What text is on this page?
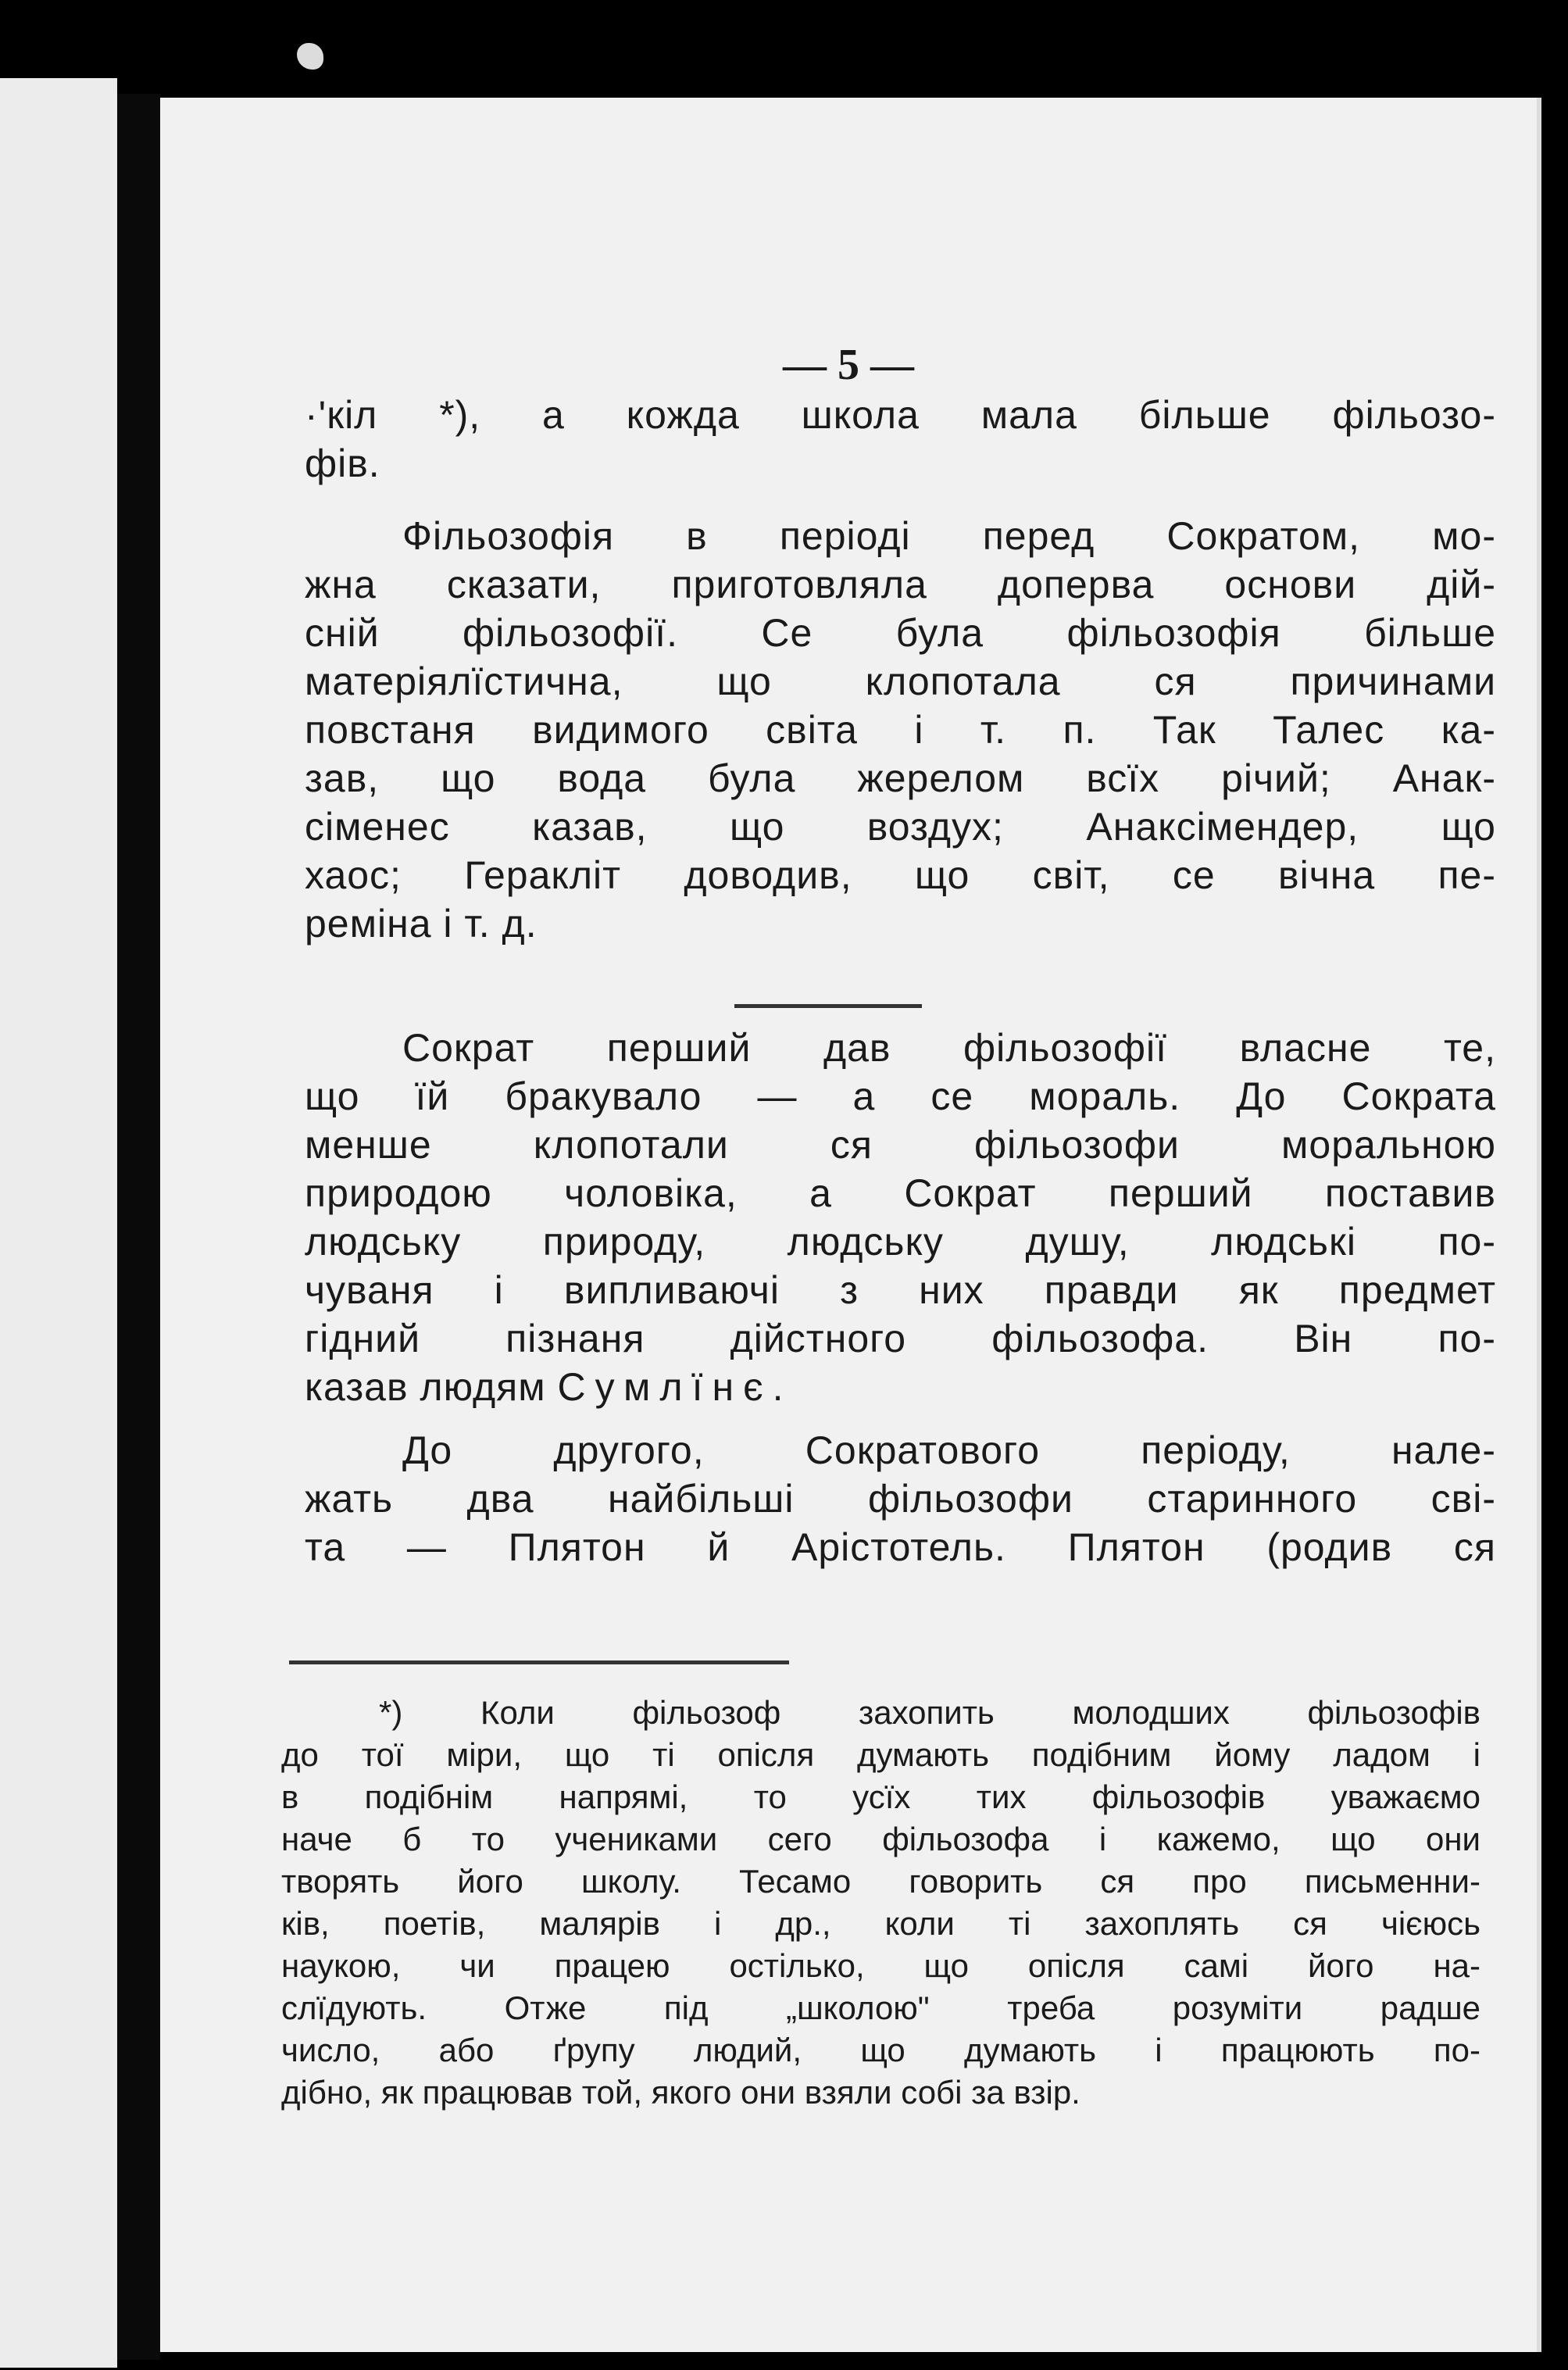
— 5 —

·'кіл *), а кожда школа мала більше фільозо-
фів.

Фільозофія в періоді перед Сократом, мо-
жна сказати, приготовляла доперва основи дій-
сній фільозофії. Се була фільозофія більше
матеріялїстична, що клопотала ся причинами
повстаня видимого світа і т. п. Так Талес ка-
зав, що вода була жерелом всїх річий; Анак-
сіменес казав, що воздух; Анаксімендер, що
хаос; Геракліт доводив, що світ, се вічна пе-
реміна і т. д.

Сократ перший дав фільозофії власне те,
що їй бракувало — а се мораль. До Сократа
менше клопотали ся фільозофи моральною
природою чоловіка, а Сократ перший поставив
людську природу, людську душу, людські по-
чуваня і випливаючі з них правди як предмет
гідний пізнаня дійстного фільозофа. Він по-
казав людям Сумлїнє.

До другого, Сократового періоду, нале-
жать два найбільші фільозофи старинного сві-
та — Плятон й Арістотель. Плятон (родив ся

*) Коли фільозоф захопить молодших фільозофів
до тої міри, що ті опісля думають подібним йому ладом і
в подібнім напрямі, то усїх тих фільозофів уважаємо
наче б то учениками сего фільозофа і кажемо, що они
творять його школу. Тесамо говорить ся про письменни-
ків, поетів, малярів і др., коли ті захоплять ся чієюсь
наукою, чи працею остілько, що опісля самі його на-
слїдують. Отже під „школою" треба розуміти радше
число, або ґрупу людий, що думають і працюють по-
дібно, як працював той, якого они взяли собі за взір.
